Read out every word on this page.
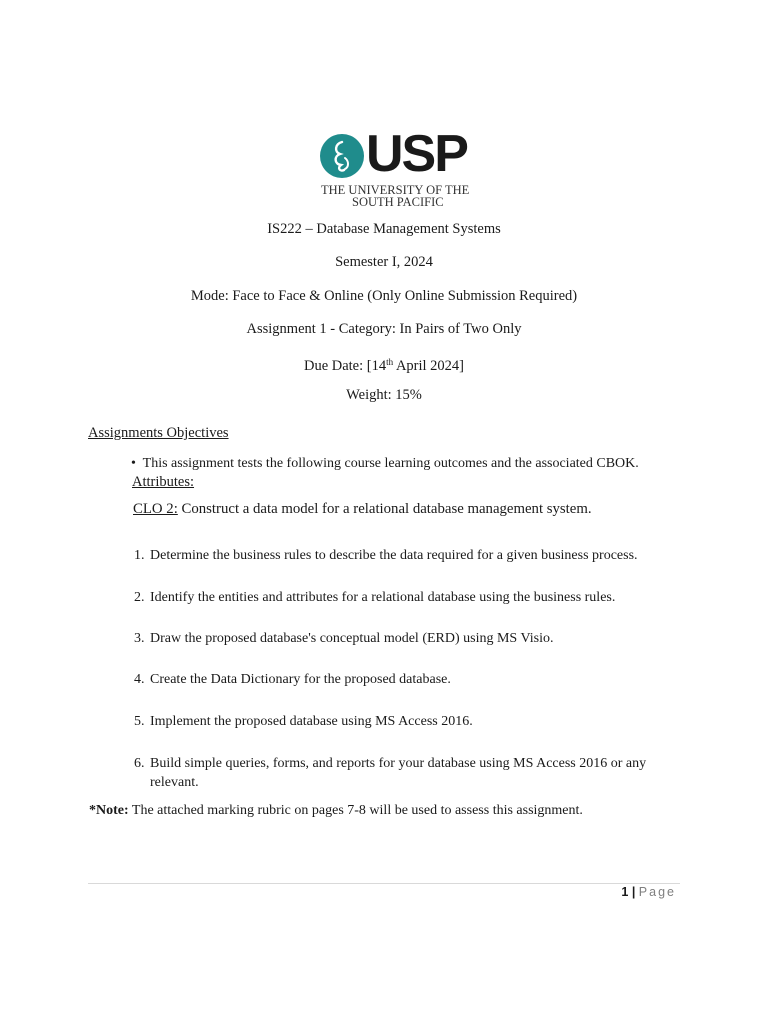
USP
THE UNIVERSITY OF THE
SOUTH PACIFIC
IS222 – Database Management Systems
Semester I, 2024
Mode: Face to Face & Online (Only Online Submission Required)
Assignment 1 - Category: In Pairs of Two Only
Due Date: [14th April 2024]
Weight: 15%
Assignments Objectives
• This assignment tests the following course learning outcomes and the associated CBOK.
Attributes:
CLO 2: Construct a data model for a relational database management system.
1. Determine the business rules to describe the data required for a given business process.
2. Identify the entities and attributes for a relational database using the business rules.
3. Draw the proposed database's conceptual model (ERD) using MS Visio.
4. Create the Data Dictionary for the proposed database.
5. Implement the proposed database using MS Access 2016.
6. Build simple queries, forms, and reports for your database using MS Access 2016 or any relevant.
*Note: The attached marking rubric on pages 7-8 will be used to assess this assignment.
1 | Page
